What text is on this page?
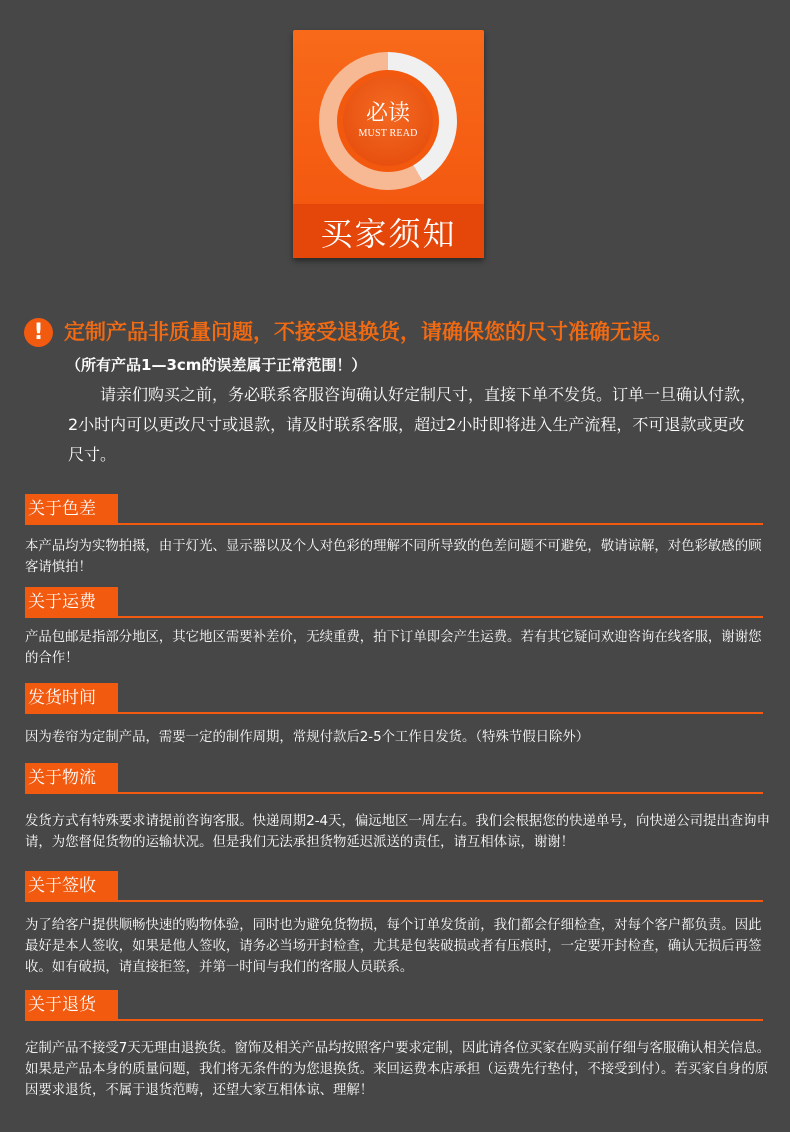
必读
MUST READ
买家须知
! 定制产品非质量问题，不接受退换货，请确保您的尺寸准确无误。
（所有产品1—3cm的误差属于正常范围！）
请亲们购买之前，务必联系客服咨询确认好定制尺寸，直接下单不发货。订单一旦确认付款，2小时内可以更改尺寸或退款，请及时联系客服，超过2小时即将进入生产流程，不可退款或更改尺寸。
关于色差
本产品均为实物拍摄，由于灯光、显示器以及个人对色彩的理解不同所导致的色差问题不可避免，敬请谅解，对色彩敏感的顾客请慎拍！
关于运费
产品包邮是指部分地区，其它地区需要补差价，无续重费，拍下订单即会产生运费。若有其它疑问欢迎咨询在线客服，谢谢您的合作！
发货时间
因为卷帘为定制产品，需要一定的制作周期，常规付款后2-5个工作日发货。（特殊节假日除外）
关于物流
发货方式有特殊要求请提前咨询客服。快递周期2-4天，偏远地区一周左右。我们会根据您的快递单号，向快递公司提出查询申请，为您督促货物的运输状况。但是我们无法承担货物延迟派送的责任，请互相体谅，谢谢！
关于签收
为了给客户提供顺畅快速的购物体验，同时也为避免货物损，每个订单发货前，我们都会仔细检查，对每个客户都负责。因此最好是本人签收，如果是他人签收，请务必当场开封检查，尤其是包装破损或者有压痕时，一定要开封检查，确认无损后再签收。如有破损，请直接拒签，并第一时间与我们的客服人员联系。
关于退货
定制产品不接受7天无理由退换货。窗饰及相关产品均按照客户要求定制，因此请各位买家在购买前仔细与客服确认相关信息。如果是产品本身的质量问题，我们将无条件的为您退换货。来回运费本店承担（运费先行垫付，不接受到付）。若买家自身的原因要求退货，不属于退货范畴，还望大家互相体谅、理解！
